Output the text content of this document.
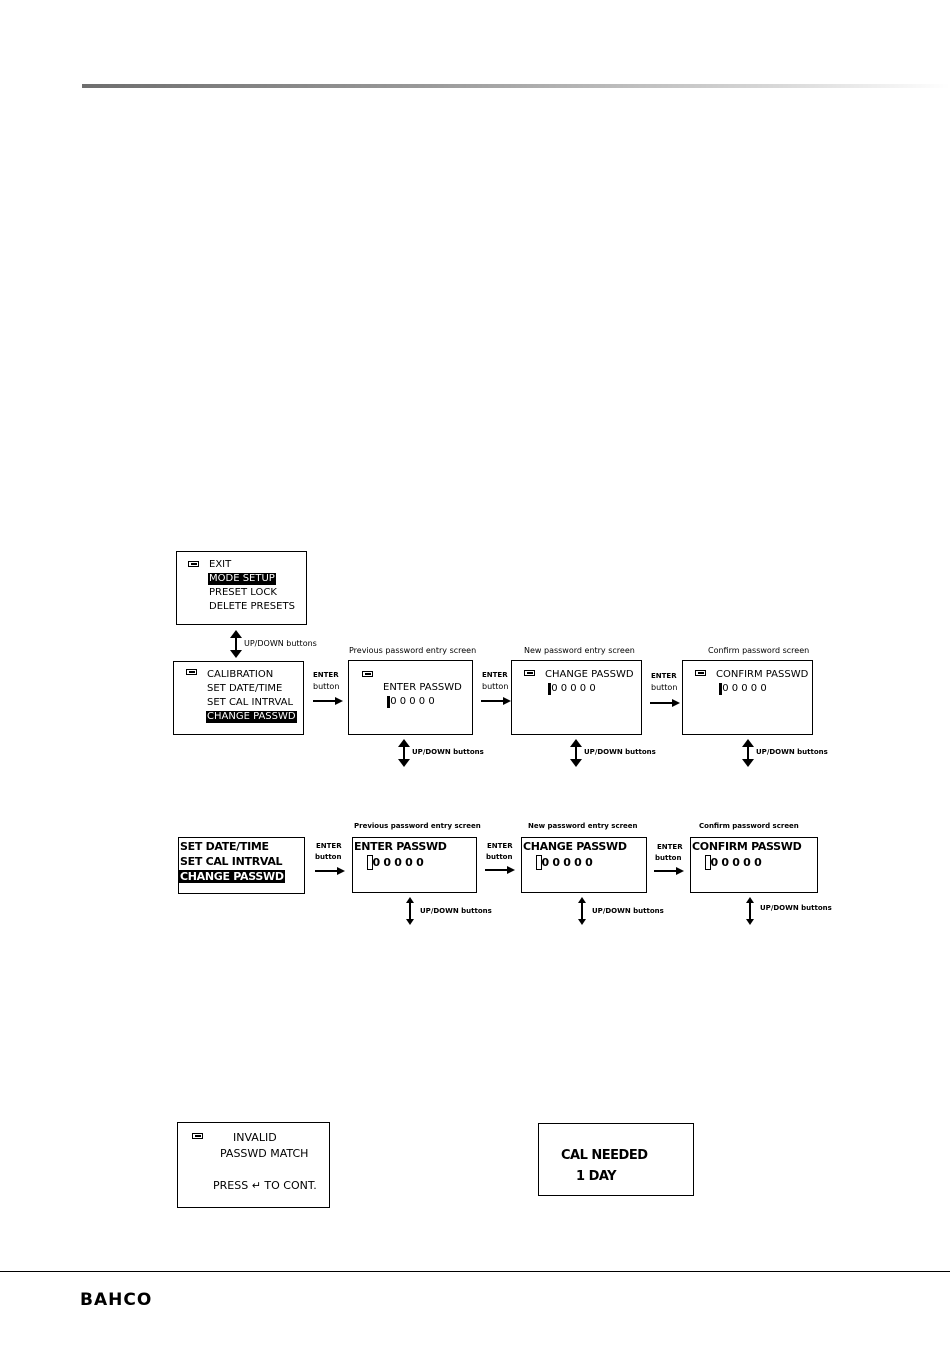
EXIT
MODE SETUP
PRESET LOCK
DELETE PRESETS
UP/DOWN buttons
CALIBRATION
SET DATE/TIME
SET CAL INTRVAL
CHANGE PASSWD
ENTER
button
ENTER
button
ENTER
button
Previous password entry screen	New password entry screen	Confirm password screen
ENTER PASSWD
0 0 0 0 0
CHANGE PASSWD
0 0 0 0 0
CONFIRM PASSWD
0 0 0 0 0
UP/DOWN buttons	UP/DOWN buttons	UP/DOWN buttons
SET DATE/TIME
SET CAL INTRVAL
CHANGE PASSWD
ENTER
button
ENTER
button
ENTER
button
Previous password entry screen	New password entry screen	Confirm password screen
ENTER PASSWD
0 0 0 0 0
CHANGE PASSWD
0 0 0 0 0
CONFIRM PASSWD
0 0 0 0 0
UP/DOWN buttons	UP/DOWN buttons	UP/DOWN buttons
INVALID
PASSWD MATCH
PRESS ↵ TO CONT.
CAL NEEDED
1 DAY
BAHCO
